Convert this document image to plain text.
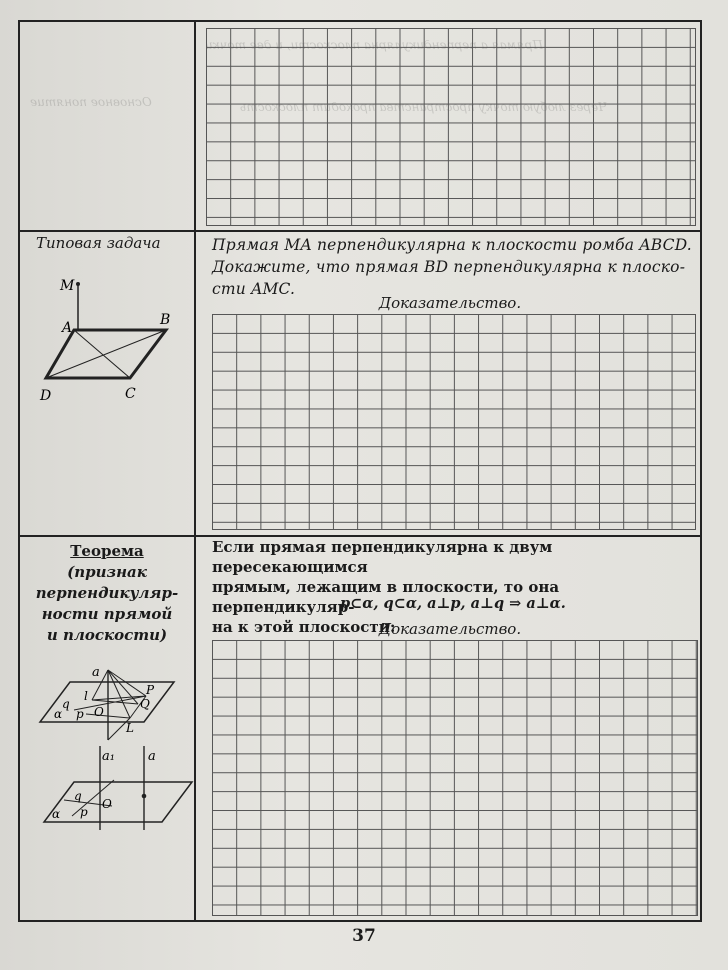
Основное понятие
Типовая задача
M
A	B
C
D
Прямая MA перпендикулярна к плоскости ромба ABCD.
Докажите, что прямая BD перпендикулярна к плоско-
сти AMC.
Доказательство.
Теорема
(признак
перпендикуляр-
ности прямой
и плоскости)
a
l
q
P
Q
L
α p O
a₁	a
q
p
O
α
Если прямая перпендикулярна к двум пересекающимся
прямым, лежащим в плоскости, то она перпендикуляр-
на к этой плоскости:
p⊂α, q⊂α, a⊥p, a⊥q ⇒ a⊥α.
Доказательство.
37
